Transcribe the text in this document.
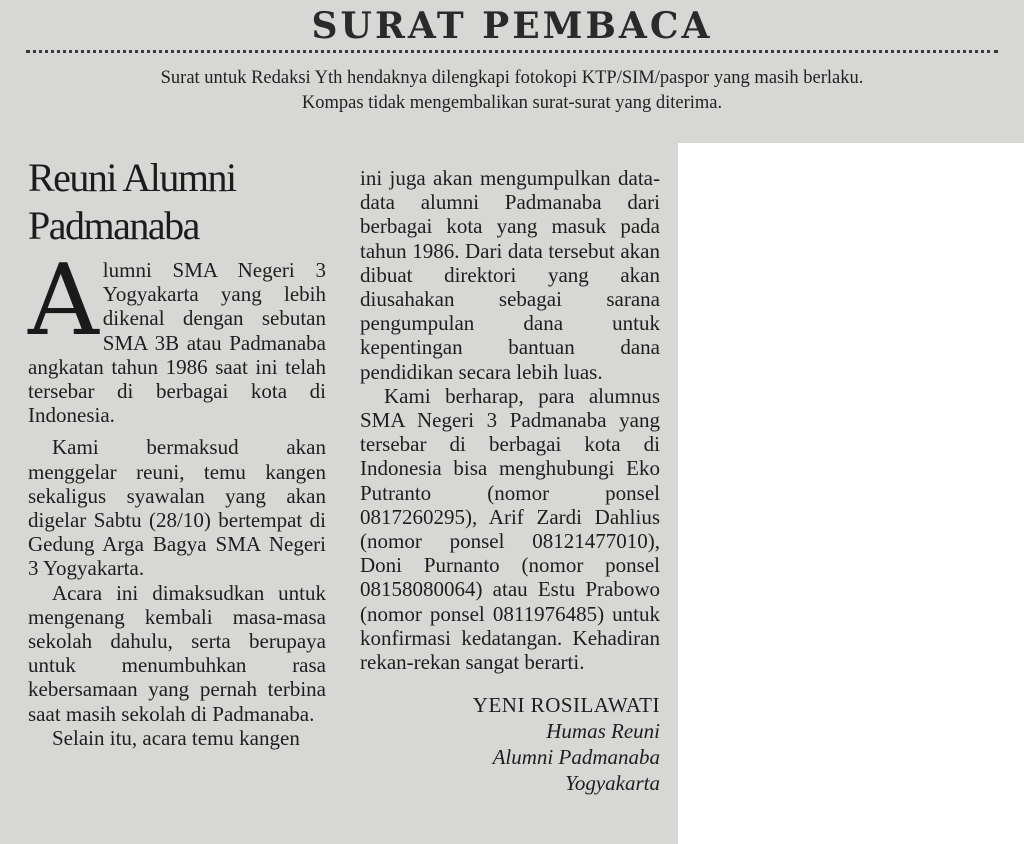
SURAT PEMBACA
Surat untuk Redaksi Yth hendaknya dilengkapi fotokopi KTP/SIM/paspor yang masih berlaku.
Kompas tidak mengembalikan surat-surat yang diterima.
Reuni Alumni
Padmanaba

Alumni SMA Negeri 3 Yogyakarta yang lebih dikenal dengan sebutan SMA 3B atau Padmanaba angkatan tahun 1986 saat ini telah tersebar di berbagai kota di Indonesia.

Kami bermaksud akan menggelar reuni, temu kangen sekaligus syawalan yang akan digelar Sabtu (28/10) bertempat di Gedung Arga Bagya SMA Negeri 3 Yogyakarta.

Acara ini dimaksudkan untuk mengenang kembali masa-masa sekolah dahulu, serta berupaya untuk menumbuhkan rasa kebersamaan yang pernah terbina saat masih sekolah di Padmanaba.

Selain itu, acara temu kangen

ini juga akan mengumpulkan data-data alumni Padmanaba dari berbagai kota yang masuk pada tahun 1986. Dari data tersebut akan dibuat direktori yang akan diusahakan sebagai sarana pengumpulan dana untuk kepentingan bantuan dana pendidikan secara lebih luas.

Kami berharap, para alumnus SMA Negeri 3 Padmanaba yang tersebar di berbagai kota di Indonesia bisa menghubungi Eko Putranto (nomor ponsel 0817260295), Arif Zardi Dahlius (nomor ponsel 08121477010), Doni Purnanto (nomor ponsel 08158080064) atau Estu Prabowo (nomor ponsel 0811976485) untuk konfirmasi kedatangan. Kehadiran rekan-rekan sangat berarti.

YENI ROSILAWATI
Humas Reuni
Alumni Padmanaba
Yogyakarta
